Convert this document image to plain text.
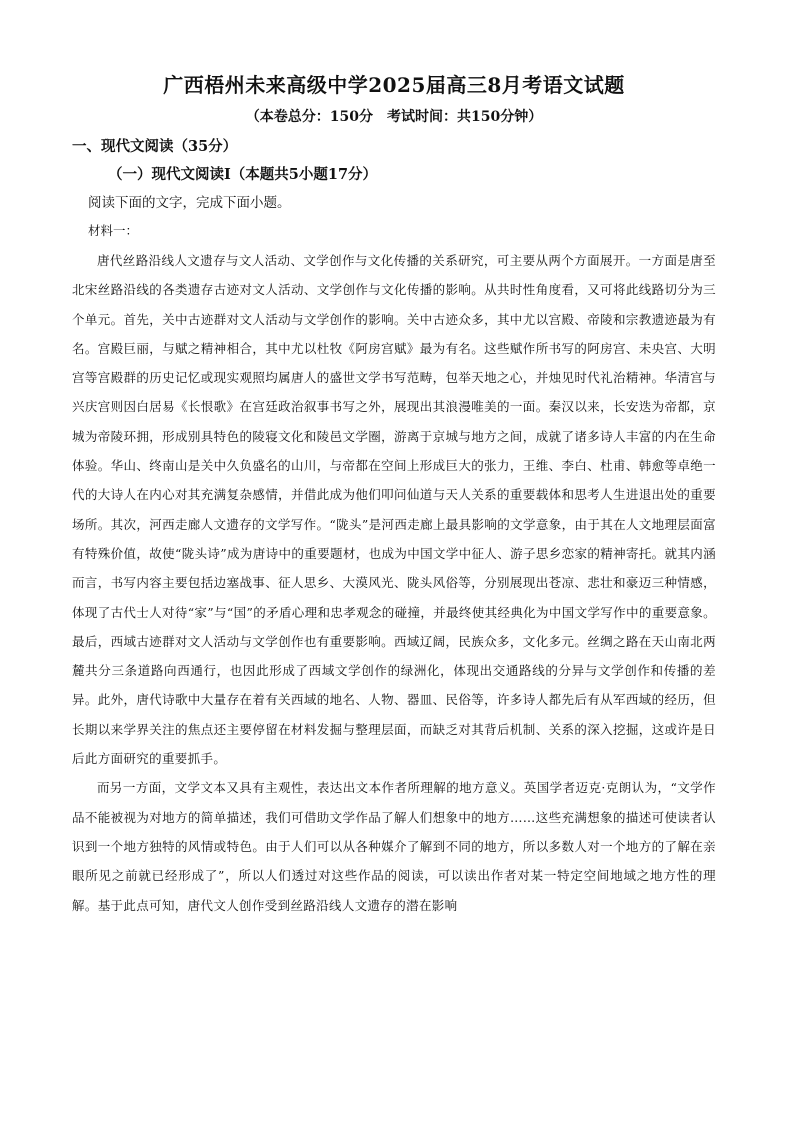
广西梧州未来高级中学2025届高三8月考语文试题
（本卷总分：150分　考试时间：共150分钟）
一、现代文阅读（35分）
（一）现代文阅读Ⅰ（本题共5小题17分）
阅读下面的文字，完成下面小题。
材料一：

唐代丝路沿线人文遗存与文人活动、文学创作与文化传播的关系研究，可主要从两个方面展开。一方面是唐至北宋丝路沿线的各类遗存古迹对文人活动、文学创作与文化传播的影响。从共时性角度看，又可将此线路切分为三个单元。首先，关中古迹群对文人活动与文学创作的影响。关中古迹众多，其中尤以宫殿、帝陵和宗教遗迹最为有名。宫殿巨丽，与赋之精神相合，其中尤以杜牧《阿房宫赋》最为有名。这些赋作所书写的阿房宫、未央宫、大明宫等宫殿群的历史记忆或现实观照均属唐人的盛世文学书写范畴，包举天地之心，并烛见时代礼治精神。华清宫与兴庆宫则因白居易《长恨歌》在宫廷政治叙事书写之外，展现出其浪漫唯美的一面。秦汉以来，长安迭为帝都，京城为帝陵环拥，形成别具特色的陵寝文化和陵邑文学圈，游离于京城与地方之间，成就了诸多诗人丰富的内在生命体验。华山、终南山是关中久负盛名的山川，与帝都在空间上形成巨大的张力，王维、李白、杜甫、韩愈等卓绝一代的大诗人在内心对其充满复杂感情，并借此成为他们叩问仙道与天人关系的重要载体和思考人生进退出处的重要场所。其次，河西走廊人文遗存的文学写作。“陇头”是河西走廊上最具影响的文学意象，由于其在人文地理层面富有特殊价值，故使“陇头诗”成为唐诗中的重要题材，也成为中国文学中征人、游子思乡恋家的精神寄托。就其内涵而言，书写内容主要包括边塞战事、征人思乡、大漠风光、陇头风俗等，分别展现出苍凉、悲壮和豪迈三种情感，体现了古代士人对待“家”与“国”的矛盾心理和忠孝观念的碰撞，并最终使其经典化为中国文学写作中的重要意象。最后，西域古迹群对文人活动与文学创作也有重要影响。西域辽阔，民族众多，文化多元。丝绸之路在天山南北两麓共分三条道路向西通行，也因此形成了西域文学创作的绿洲化，体现出交通路线的分异与文学创作和传播的差异。此外，唐代诗歌中大量存在着有关西域的地名、人物、器皿、民俗等，许多诗人都先后有从军西域的经历，但长期以来学界关注的焦点还主要停留在材料发掘与整理层面，而缺乏对其背后机制、关系的深入挖掘，这或许是日后此方面研究的重要抓手。

而另一方面，文学文本又具有主观性，表达出文本作者所理解的地方意义。英国学者迈克·克朗认为，“文学作品不能被视为对地方的简单描述，我们可借助文学作品了解人们想象中的地方……这些充满想象的描述可使读者认识到一个地方独特的风情或特色。由于人们可以从各种媒介了解到不同的地方，所以多数人对一个地方的了解在亲眼所见之前就已经形成了”，所以人们透过对这些作品的阅读，可以读出作者对某一特定空间地域之地方性的理解。基于此点可知，唐代文人创作受到丝路沿线人文遗存的潜在影响
